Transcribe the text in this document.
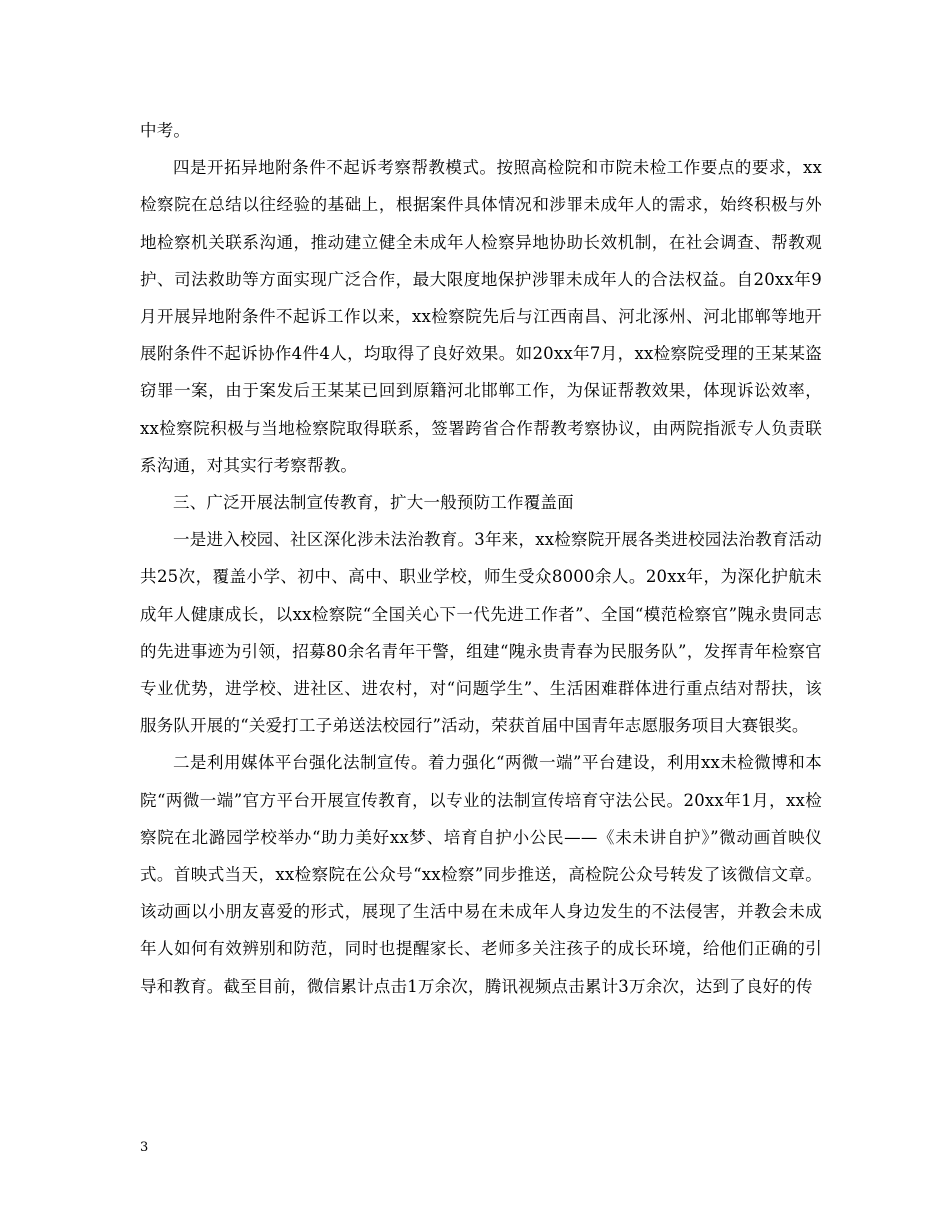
中考。

四是开拓异地附条件不起诉考察帮教模式。按照高检院和市院未检工作要点的要求，xx检察院在总结以往经验的基础上，根据案件具体情况和涉罪未成年人的需求，始终积极与外地检察机关联系沟通，推动建立健全未成年人检察异地协助长效机制，在社会调查、帮教观护、司法救助等方面实现广泛合作，最大限度地保护涉罪未成年人的合法权益。自20xx年9月开展异地附条件不起诉工作以来，xx检察院先后与江西南昌、河北涿州、河北邯郸等地开展附条件不起诉协作4件4人，均取得了良好效果。如20xx年7月，xx检察院受理的王某某盗窃罪一案，由于案发后王某某已回到原籍河北邯郸工作，为保证帮教效果，体现诉讼效率，xx检察院积极与当地检察院取得联系，签署跨省合作帮教考察协议，由两院指派专人负责联系沟通，对其实行考察帮教。

三、广泛开展法制宣传教育，扩大一般预防工作覆盖面

一是进入校园、社区深化涉未法治教育。3年来，xx检察院开展各类进校园法治教育活动共25次，覆盖小学、初中、高中、职业学校，师生受众8000余人。20xx年，为深化护航未成年人健康成长，以xx检察院“全国关心下一代先进工作者”、全国“模范检察官”隗永贵同志的先进事迹为引领，招募80余名青年干警，组建“隗永贵青春为民服务队”，发挥青年检察官专业优势，进学校、进社区、进农村，对“问题学生”、生活困难群体进行重点结对帮扶，该服务队开展的“关爱打工子弟送法校园行”活动，荣获首届中国青年志愿服务项目大赛银奖。

二是利用媒体平台强化法制宣传。着力强化“两微一端”平台建设，利用xx未检微博和本院“两微一端”官方平台开展宣传教育，以专业的法制宣传培育守法公民。20xx年1月，xx检察院在北潞园学校举办“助力美好xx梦、培育自护小公民——《未未讲自护》”微动画首映仪式。首映式当天，xx检察院在公众号“xx检察”同步推送，高检院公众号转发了该微信文章。该动画以小朋友喜爱的形式，展现了生活中易在未成年人身边发生的不法侵害，并教会未成年人如何有效辨别和防范，同时也提醒家长、老师多关注孩子的成长环境，给他们正确的引导和教育。截至目前，微信累计点击1万余次，腾讯视频点击累计3万余次，达到了良好的传

3
